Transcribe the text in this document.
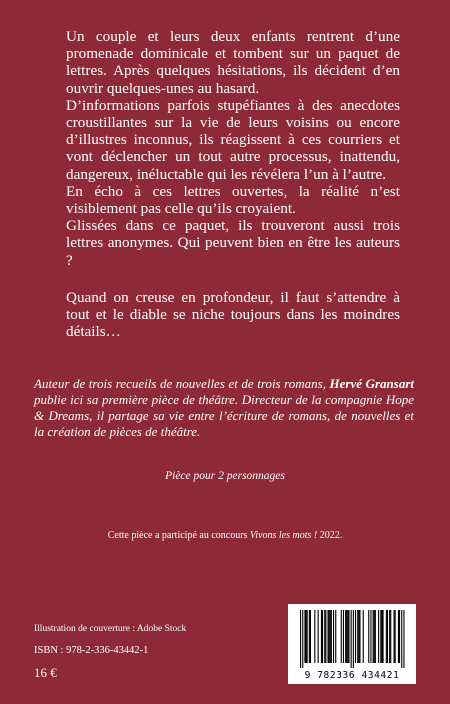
Un couple et leurs deux enfants rentrent d’une promenade dominicale et tombent sur un paquet de lettres. Après quelques hésitations, ils décident d’en ouvrir quelques-unes au hasard.

D’informations parfois stupéfiantes à des anecdotes croustillantes sur la vie de leurs voisins ou encore d’illustres inconnus, ils réagissent à ces courriers et vont déclencher un tout autre processus, inattendu, dangereux, inéluctable qui les révélera l’un à l’autre.

En écho à ces lettres ouvertes, la réalité n’est visiblement pas celle qu’ils croyaient.

Glissées dans ce paquet, ils trouveront aussi trois lettres anonymes. Qui peuvent bien en être les auteurs ?

Quand on creuse en profondeur, il faut s’attendre à tout et le diable se niche toujours dans les moindres détails…

Auteur de trois recueils de nouvelles et de trois romans, Hervé Gransart publie ici sa première pièce de théâtre. Directeur de la compagnie Hope & Dreams, il partage sa vie entre l’écriture de romans, de nouvelles et la création de pièces de théâtre.
Pièce pour 2 personnages
Cette pièce a participé au concours Vivons les mots ! 2022.
Illustration de couverture : Adobe Stock
ISBN : 978-2-336-43442-1
16 €	9 782336 434421
